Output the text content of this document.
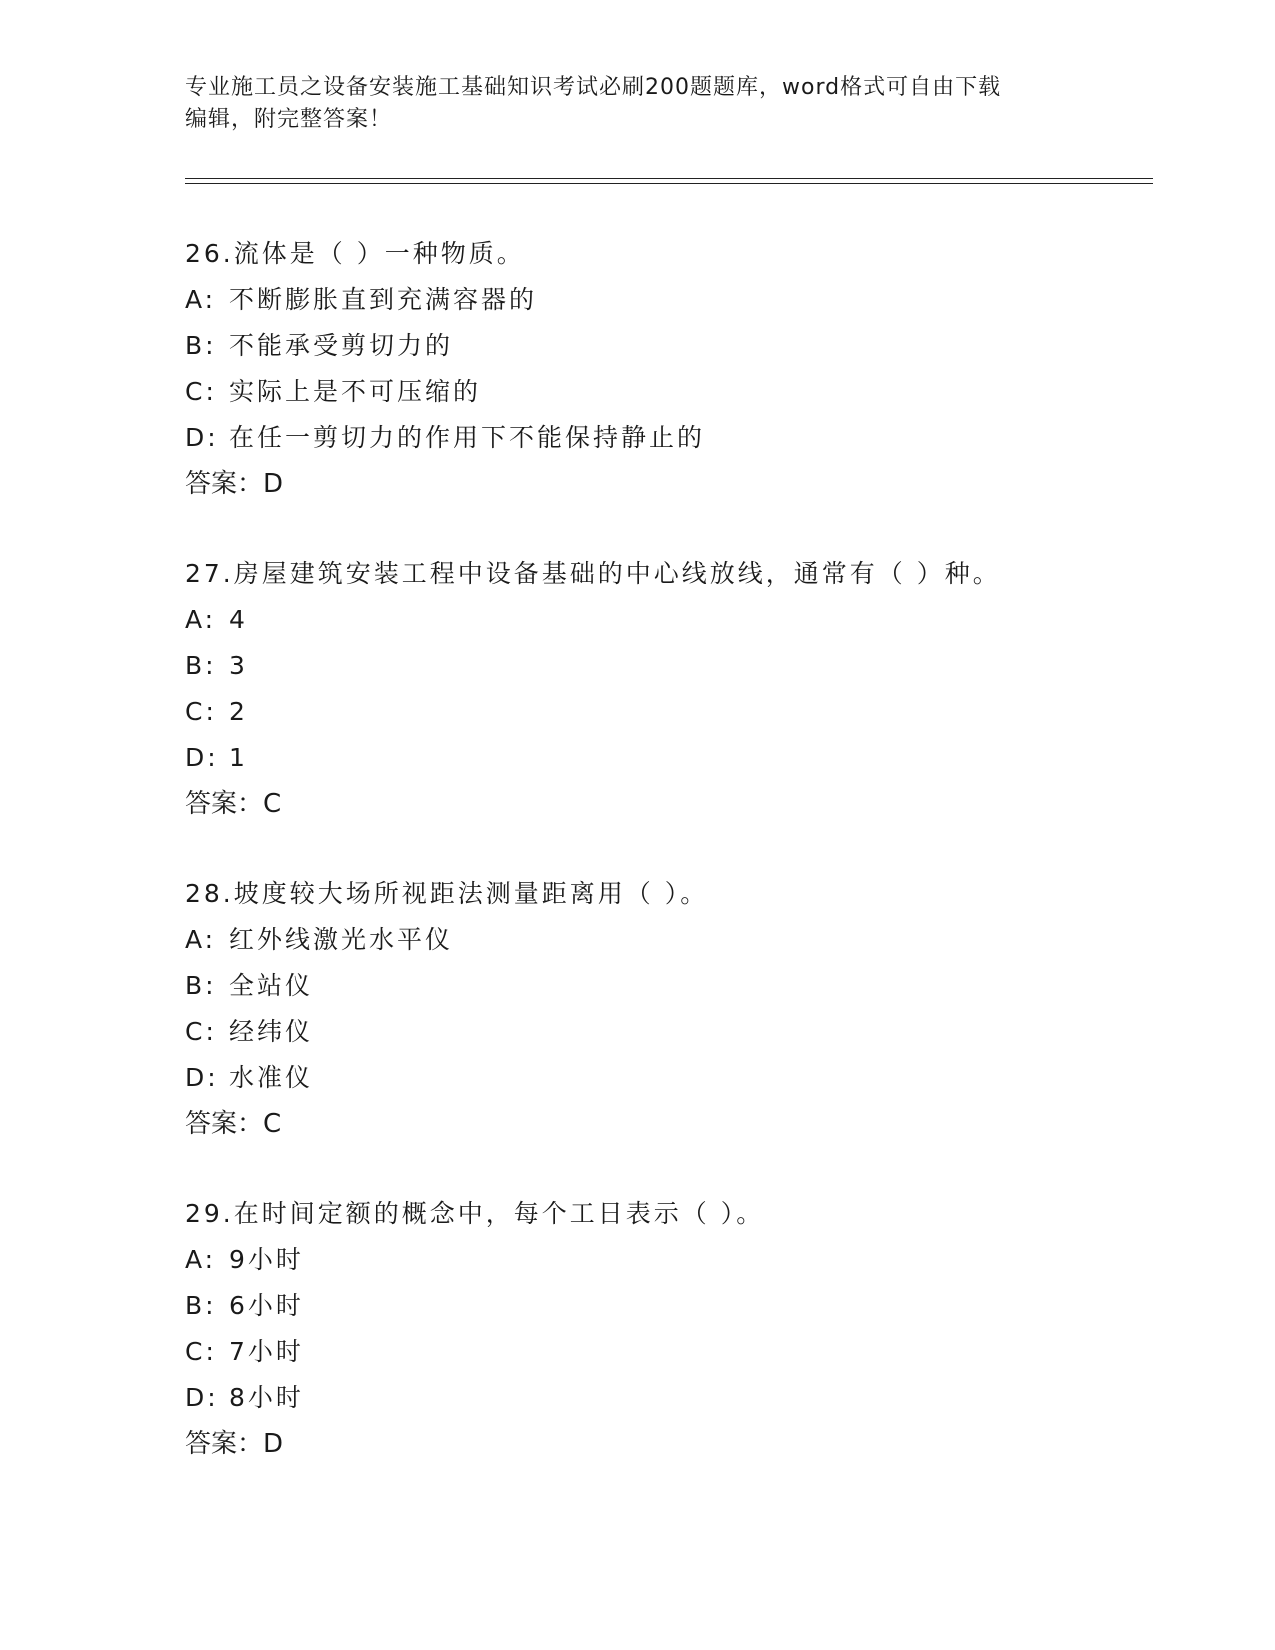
专业施工员之设备安装施工基础知识考试必刷200题题库，word格式可自由下载
编辑，附完整答案！
26.流体是（ ）一种物质。
A: 不断膨胀直到充满容器的
B: 不能承受剪切力的
C: 实际上是不可压缩的
D: 在任一剪切力的作用下不能保持静止的
答案：D
27.房屋建筑安装工程中设备基础的中心线放线，通常有（ ）种。
A: 4
B: 3
C: 2
D: 1
答案：C
28.坡度较大场所视距法测量距离用（ ）。
A: 红外线激光水平仪
B: 全站仪
C: 经纬仪
D: 水准仪
答案：C
29.在时间定额的概念中，每个工日表示（ ）。
A: 9小时
B: 6小时
C: 7小时
D: 8小时
答案：D
